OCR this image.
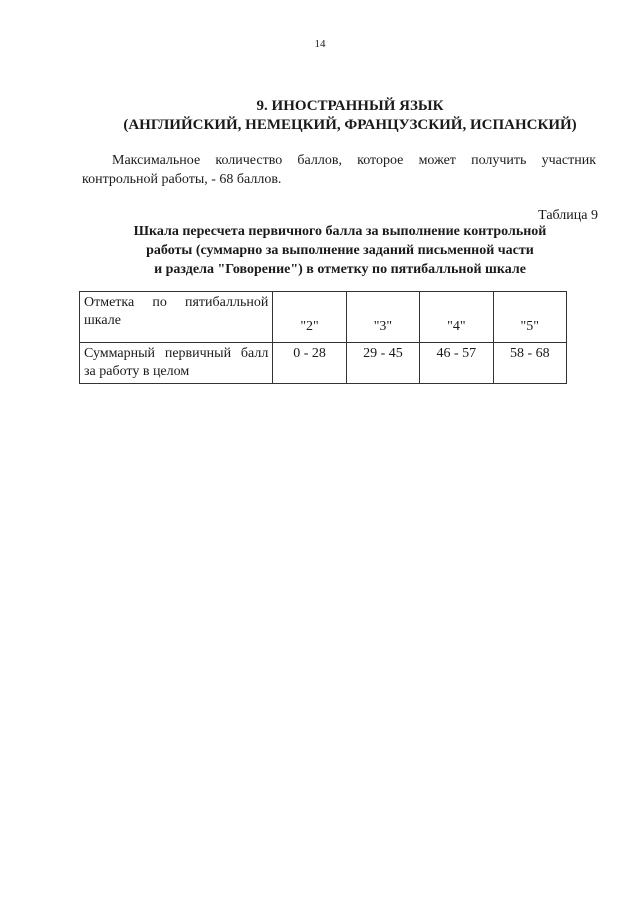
14
9. ИНОСТРАННЫЙ ЯЗЫК
(АНГЛИЙСКИЙ, НЕМЕЦКИЙ, ФРАНЦУЗСКИЙ, ИСПАНСКИЙ)
Максимальное количество баллов, которое может получить участник контрольной работы, - 68 баллов.
Таблица 9
Шкала пересчета первичного балла за выполнение контрольной
работы (суммарно за выполнение заданий письменной части
и раздела "Говорение") в отметку по пятибалльной шкале
Отметка по пятибалльной
шкале	"2"	"3"	"4"	"5"

Суммарный первичный балл
за работу в целом	0 - 28	29 - 45	46 - 57	58 - 68
